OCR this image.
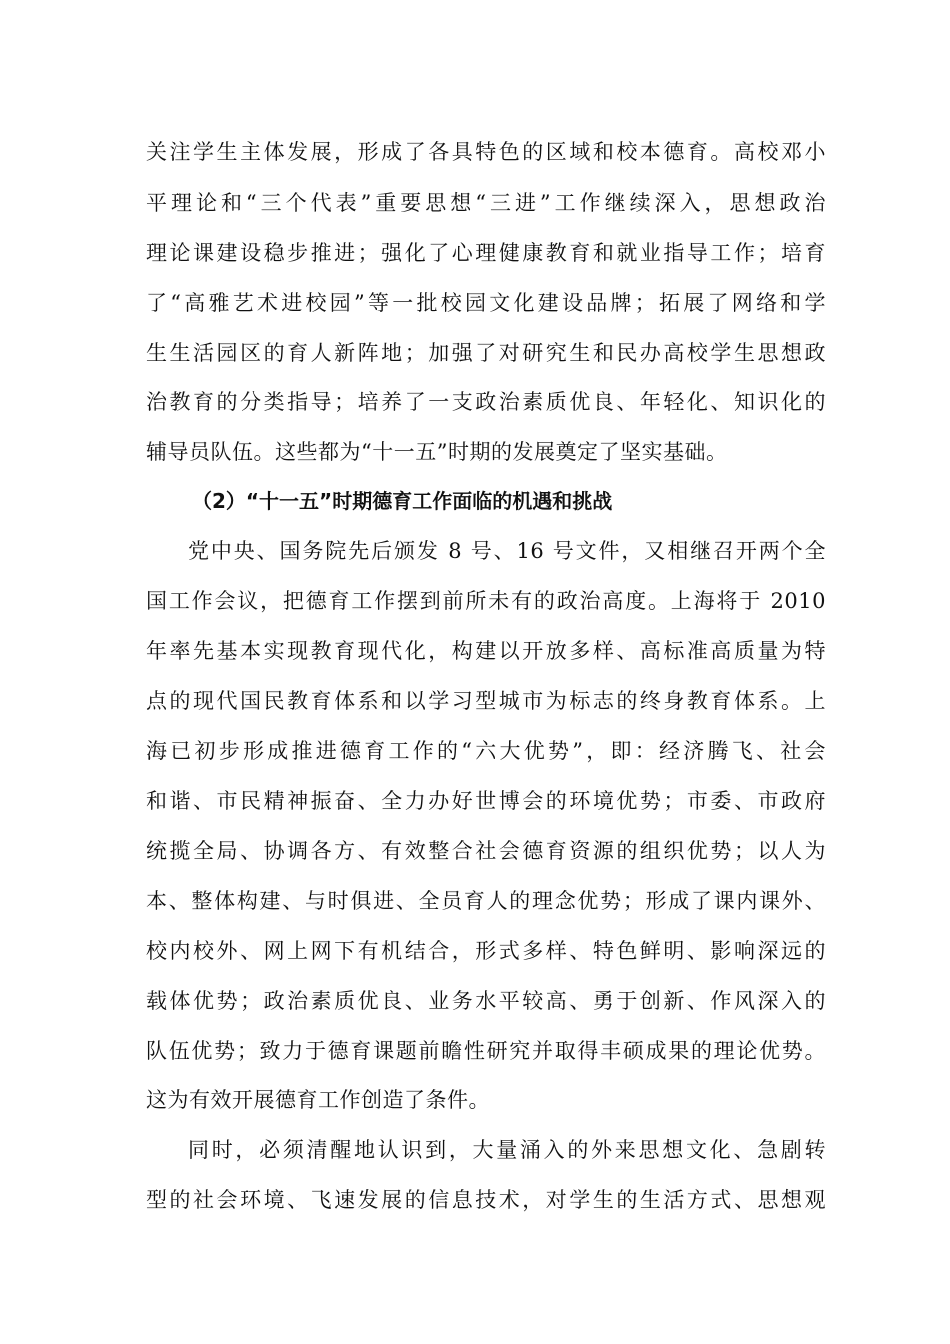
关注学生主体发展，形成了各具特色的区域和校本德育。高校邓小
平理论和“三个代表”重要思想“三进”工作继续深入，思想政治
理论课建设稳步推进；强化了心理健康教育和就业指导工作；培育
了“高雅艺术进校园”等一批校园文化建设品牌；拓展了网络和学
生生活园区的育人新阵地；加强了对研究生和民办高校学生思想政
治教育的分类指导；培养了一支政治素质优良、年轻化、知识化的
辅导员队伍。这些都为“十一五”时期的发展奠定了坚实基础。
（2）“十一五”时期德育工作面临的机遇和挑战
党中央、国务院先后颁发 8 号、16 号文件，又相继召开两个全
国工作会议，把德育工作摆到前所未有的政治高度。上海将于 2010
年率先基本实现教育现代化，构建以开放多样、高标准高质量为特
点的现代国民教育体系和以学习型城市为标志的终身教育体系。上
海已初步形成推进德育工作的“六大优势”，即：经济腾飞、社会
和谐、市民精神振奋、全力办好世博会的环境优势；市委、市政府
统揽全局、协调各方、有效整合社会德育资源的组织优势；以人为
本、整体构建、与时俱进、全员育人的理念优势；形成了课内课外、
校内校外、网上网下有机结合，形式多样、特色鲜明、影响深远的
载体优势；政治素质优良、业务水平较高、勇于创新、作风深入的
队伍优势；致力于德育课题前瞻性研究并取得丰硕成果的理论优势。
这为有效开展德育工作创造了条件。
同时，必须清醒地认识到，大量涌入的外来思想文化、急剧转
型的社会环境、飞速发展的信息技术，对学生的生活方式、思想观
